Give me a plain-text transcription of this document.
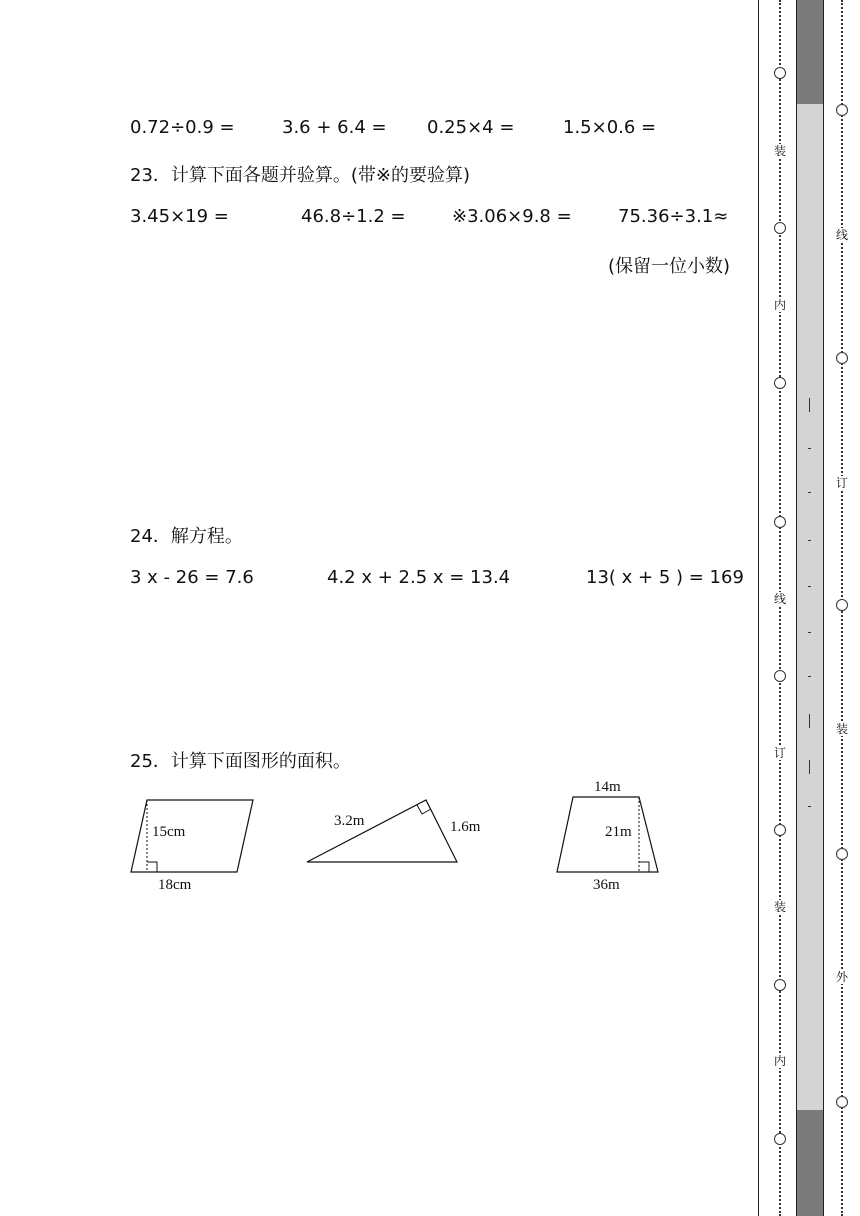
0.72÷0.9 =	3.6 + 6.4 = 0.25×4 =	1.5×0.6 =
23．计算下面各题并验算。(带※的要验算)
3.45×19 =	46.8÷1.2 =	※3.06×9.8 =	75.36÷3.1≈
(保留一位小数)
24．解方程。
3 x - 26 = 7.6	4.2 x + 2.5 x = 13.4	13( x + 5 ) = 169
25．计算下面图形的面积。
15cm
18cm
3.2m	1.6m
14m
21m
36m
装
内
线
订
装
内
线
订
装
外
